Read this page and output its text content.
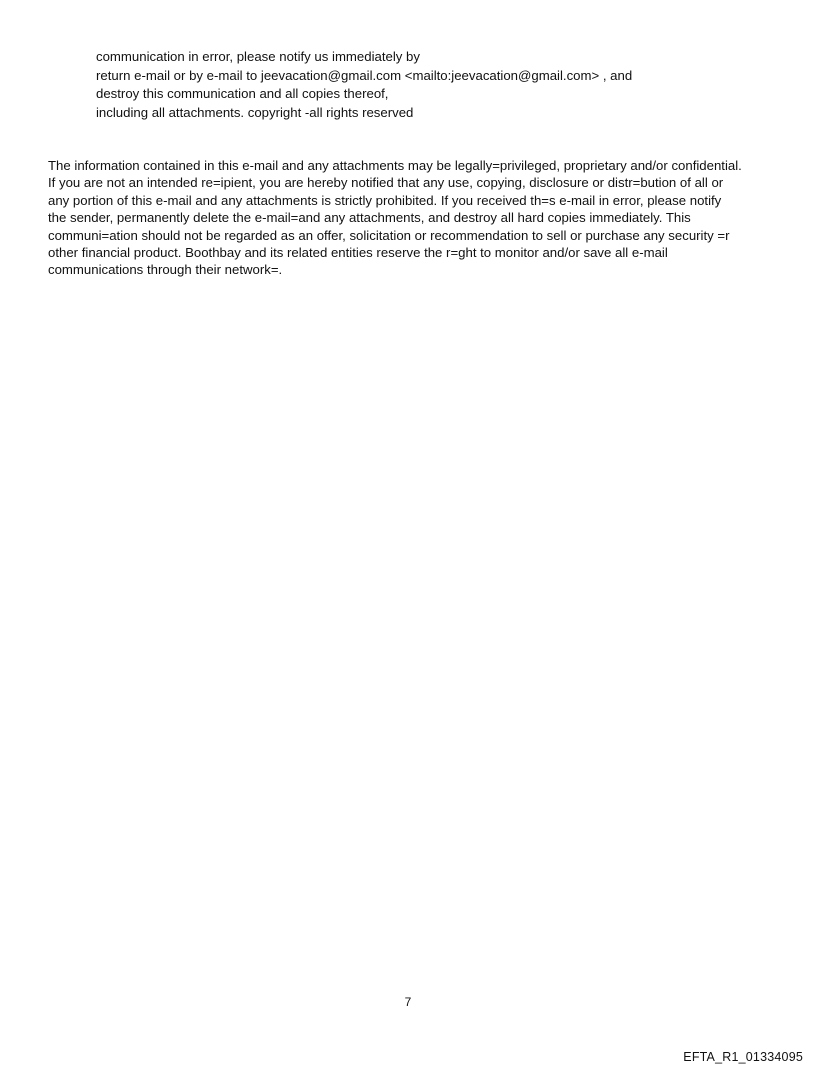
communication in error, please notify us immediately by
return e-mail or by e-mail to jeevacation@gmail.com <mailto:jeevacation@gmail.com> , and
destroy this communication and all copies thereof,
including all attachments. copyright -all rights reserved
The information contained in this e-mail and any attachments may be legally=privileged, proprietary and/or confidential.
If you are not an intended re=ipient, you are hereby notified that any use, copying, disclosure or distr=bution of all or
any portion of this e-mail and any attachments is strictly prohibited. If you received th=s e-mail in error, please notify
the sender, permanently delete the e-mail=and any attachments, and destroy all hard copies immediately. This
communi=ation should not be regarded as an offer, solicitation or recommendation to sell or purchase any security =r
other financial product. Boothbay and its related entities reserve the r=ght to monitor and/or save all e-mail
communications through their network=.
7
EFTA_R1_01334095
